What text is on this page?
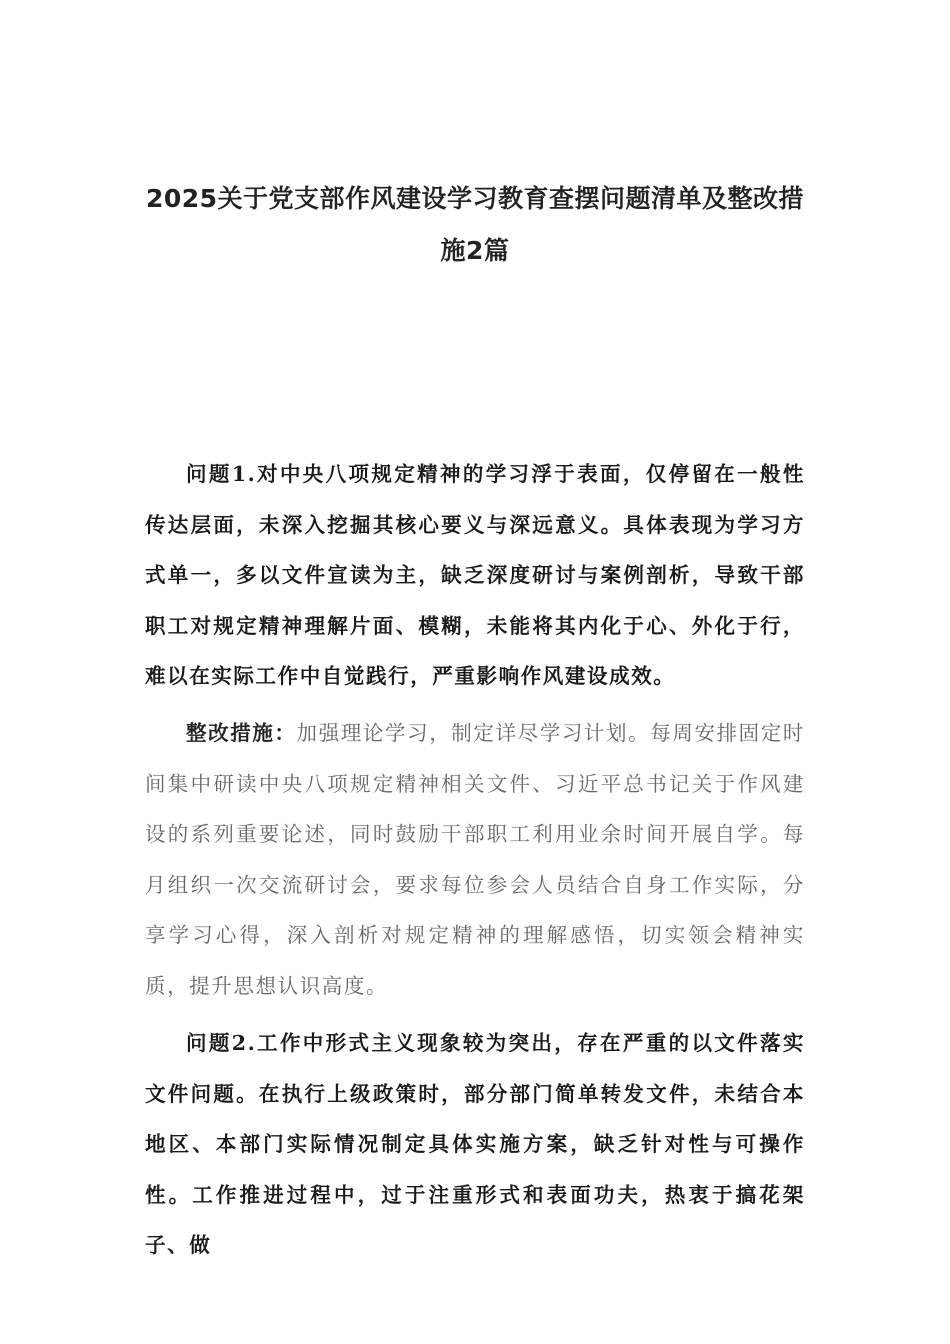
2025关于党支部作风建设学习教育查摆问题清单及整改措
施2篇

问题1.对中央八项规定精神的学习浮于表面，仅停留在一般性传达层面，未深入挖掘其核心要义与深远意义。具体表现为学习方式单一，多以文件宣读为主，缺乏深度研讨与案例剖析，导致干部职工对规定精神理解片面、模糊，未能将其内化于心、外化于行，难以在实际工作中自觉践行，严重影响作风建设成效。

整改措施：加强理论学习，制定详尽学习计划。每周安排固定时间集中研读中央八项规定精神相关文件、习近平总书记关于作风建设的系列重要论述，同时鼓励干部职工利用业余时间开展自学。每月组织一次交流研讨会，要求每位参会人员结合自身工作实际，分享学习心得，深入剖析对规定精神的理解感悟，切实领会精神实质，提升思想认识高度。

问题2.工作中形式主义现象较为突出，存在严重的以文件落实文件问题。在执行上级政策时，部分部门简单转发文件，未结合本地区、本部门实际情况制定具体实施方案，缺乏针对性与可操作性。工作推进过程中，过于注重形式和表面功夫，热衷于搞花架子、做
